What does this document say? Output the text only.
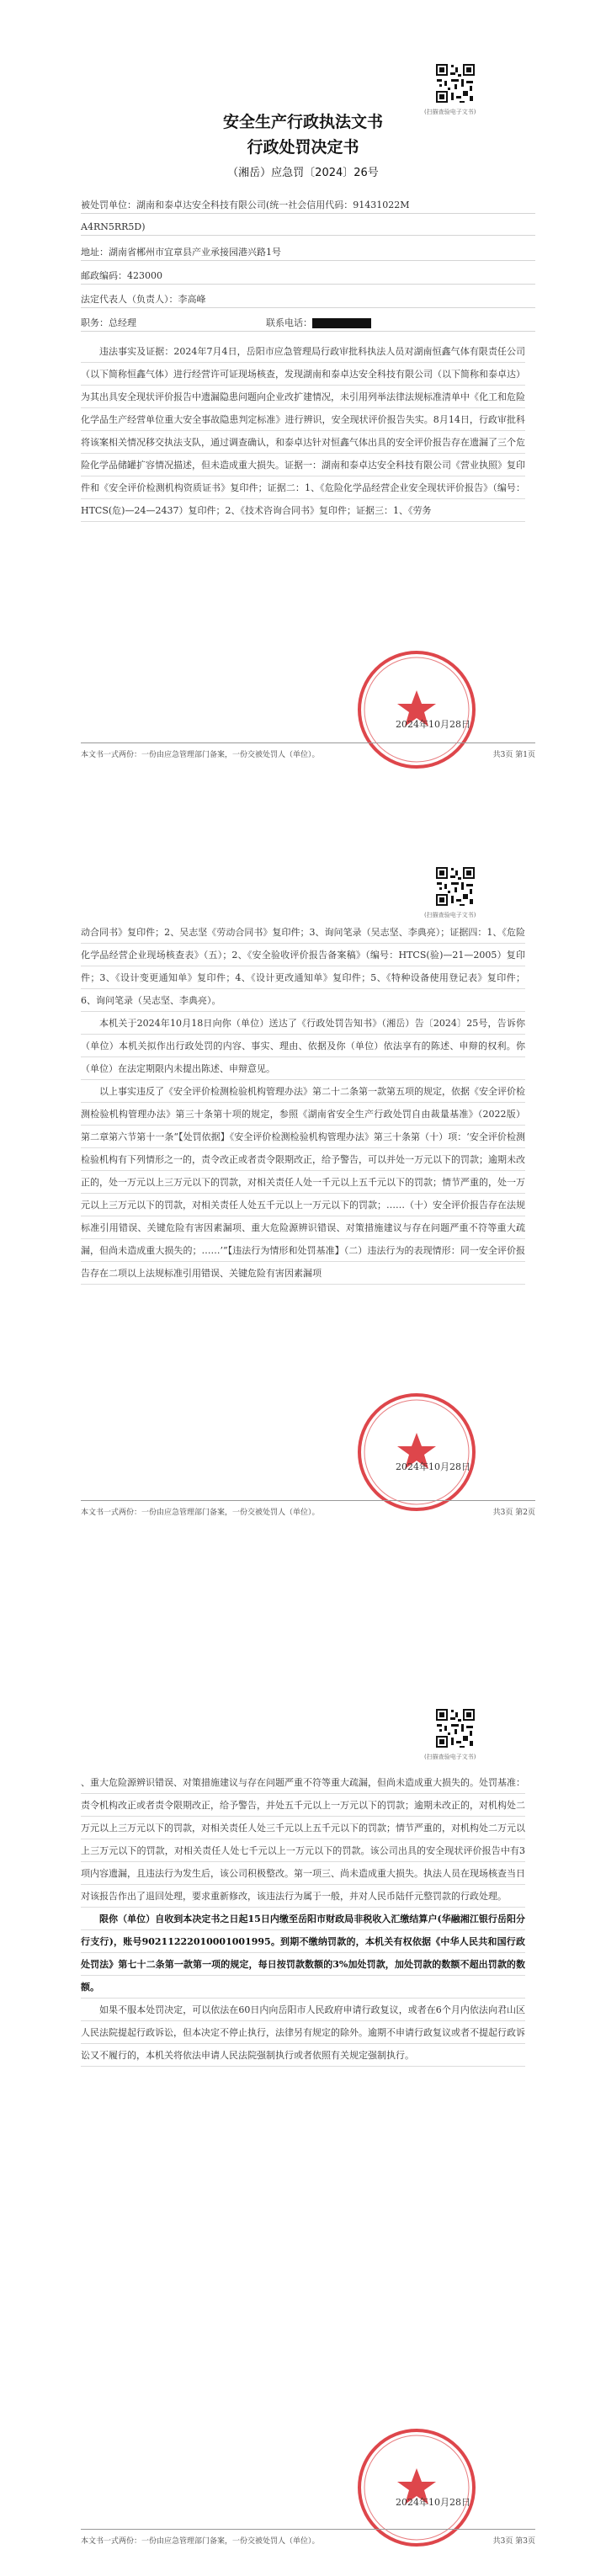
(扫描查验电子文书)
安全生产行政执法文书
行政处罚决定书
（湘岳）应急罚〔2024〕26号
被处罚单位：湖南和泰卓达安全科技有限公司(统一社会信用代码：91431022M
A4RN5RR5D)
地址：湖南省郴州市宜章县产业承接园港兴路1号
邮政编码：423000
法定代表人（负责人）：李高峰
职务：总经理	联系电话：

违法事实及证据：2024年7月4日，岳阳市应急管理局行政审批科执法人员对湖南恒鑫气体有限责任公司（以下简称恒鑫气体）进行经营许可证现场核查，发现湖南和泰卓达安全科技有限公司（以下简称和泰卓达）为其出具安全现状评价报告中遗漏隐患问题向企业改扩建情况，未引用列举法律法规标准清单中《化工和危险化学品生产经营单位重大安全事故隐患判定标准》进行辨识，安全现状评价报告失实。8月14日，行政审批科将该案相关情况移交执法支队，通过调查确认，和泰卓达针对恒鑫气体出具的安全评价报告存在遗漏了三个危险化学品储罐扩容情况描述，但未造成重大损失。证据一：湖南和泰卓达安全科技有限公司《营业执照》复印件和《安全评价检测机构资质证书》复印件；证据二：1、《危险化学品经营企业安全现状评价报告》（编号：HTCS(危)—24—2437）复印件；2、《技术咨询合同书》复印件；证据三：1、《劳务

2024年10月28日
本文书一式两份：一份由应急管理部门备案，一份交被处罚人（单位）。	共3页 第1页
(扫描查验电子文书)

动合同书》复印件；2、吴志坚《劳动合同书》复印件；3、询问笔录（吴志坚、李典亮）；证据四：1、《危险化学品经营企业现场核查表》（五）；2、《安全验收评价报告备案稿》（编号：HTCS(验)—21—2005）复印件；3、《设计变更通知单》复印件；4、《设计更改通知单》复印件；5、《特种设备使用登记表》复印件；6、询问笔录（吴志坚、李典亮）。

本机关于2024年10月18日向你（单位）送达了《行政处罚告知书》（湘岳）告〔2024〕25号，告诉你（单位）本机关拟作出行政处罚的内容、事实、理由、依据及你（单位）依法享有的陈述、申辩的权利。你（单位）在法定期限内未提出陈述、申辩意见。

以上事实违反了《安全评价检测检验机构管理办法》第二十二条第一款第五项的规定，依据《安全评价检测检验机构管理办法》第三十条第十项的规定，参照《湖南省安全生产行政处罚自由裁量基准》（2022版）第二章第六节第十一条“【处罚依据】《安全评价检测检验机构管理办法》第三十条第（十）项：‘安全评价检测检验机构有下列情形之一的，责令改正或者责令限期改正，给予警告，可以并处一万元以下的罚款；逾期未改正的，处一万元以上三万元以下的罚款，对相关责任人处一千元以上五千元以下的罚款；情节严重的，处一万元以上三万元以下的罚款，对相关责任人处五千元以上一万元以下的罚款；……（十）安全评价报告存在法规标准引用错误、关键危险有害因素漏项、重大危险源辨识错误、对策措施建议与存在问题严重不符等重大疏漏，但尚未造成重大损失的；……’”【违法行为情形和处罚基准】（二）违法行为的表现情形：同一安全评价报告存在二项以上法规标准引用错误、关键危险有害因素漏项

2024年10月28日
本文书一式两份：一份由应急管理部门备案，一份交被处罚人（单位）。	共3页 第2页
(扫描查验电子文书)

、重大危险源辨识错误、对策措施建议与存在问题严重不符等重大疏漏，但尚未造成重大损失的。处罚基准：责令机构改正或者责令限期改正，给予警告，并处五千元以上一万元以下的罚款；逾期未改正的，对机构处二万元以上三万元以下的罚款，对相关责任人处三千元以上五千元以下的罚款；情节严重的，对机构处二万元以上三万元以下的罚款，对相关责任人处七千元以上一万元以下的罚款。该公司出具的安全现状评价报告中有3项内容遗漏，且违法行为发生后，该公司积极整改。第一项三、尚未造成重大损失。执法人员在现场核查当日对该报告作出了退回处理，要求重新修改，该违法行为属于一般，并对人民币陆仟元整罚款的行政处理。

限你（单位）自收到本决定书之日起15日内缴至岳阳市财政局非税收入汇缴结算户(华融湘江银行岳阳分行支行)，账号902112220100010​01995。到期不缴纳罚款的，本机关有权依据《中华人民共和国行政处罚法》第七十二条第一款第一项的规定，每日按罚款数额的3%加处罚款，加处罚款的数额不超出罚款的数额。

如果不服本处罚决定，可以依法在60日内向岳阳市人民政府申请行政复议，或者在6个月内依法向君山区人民法院提起行政诉讼，但本决定不停止执行，法律另有规定的除外。逾期不申请行政复议或者不提起行政诉讼又不履行的，本机关将依法申请人民法院强制执行或者依照有关规定强制执行。

2024年10月28日
本文书一式两份：一份由应急管理部门备案，一份交被处罚人（单位）。	共3页 第3页
